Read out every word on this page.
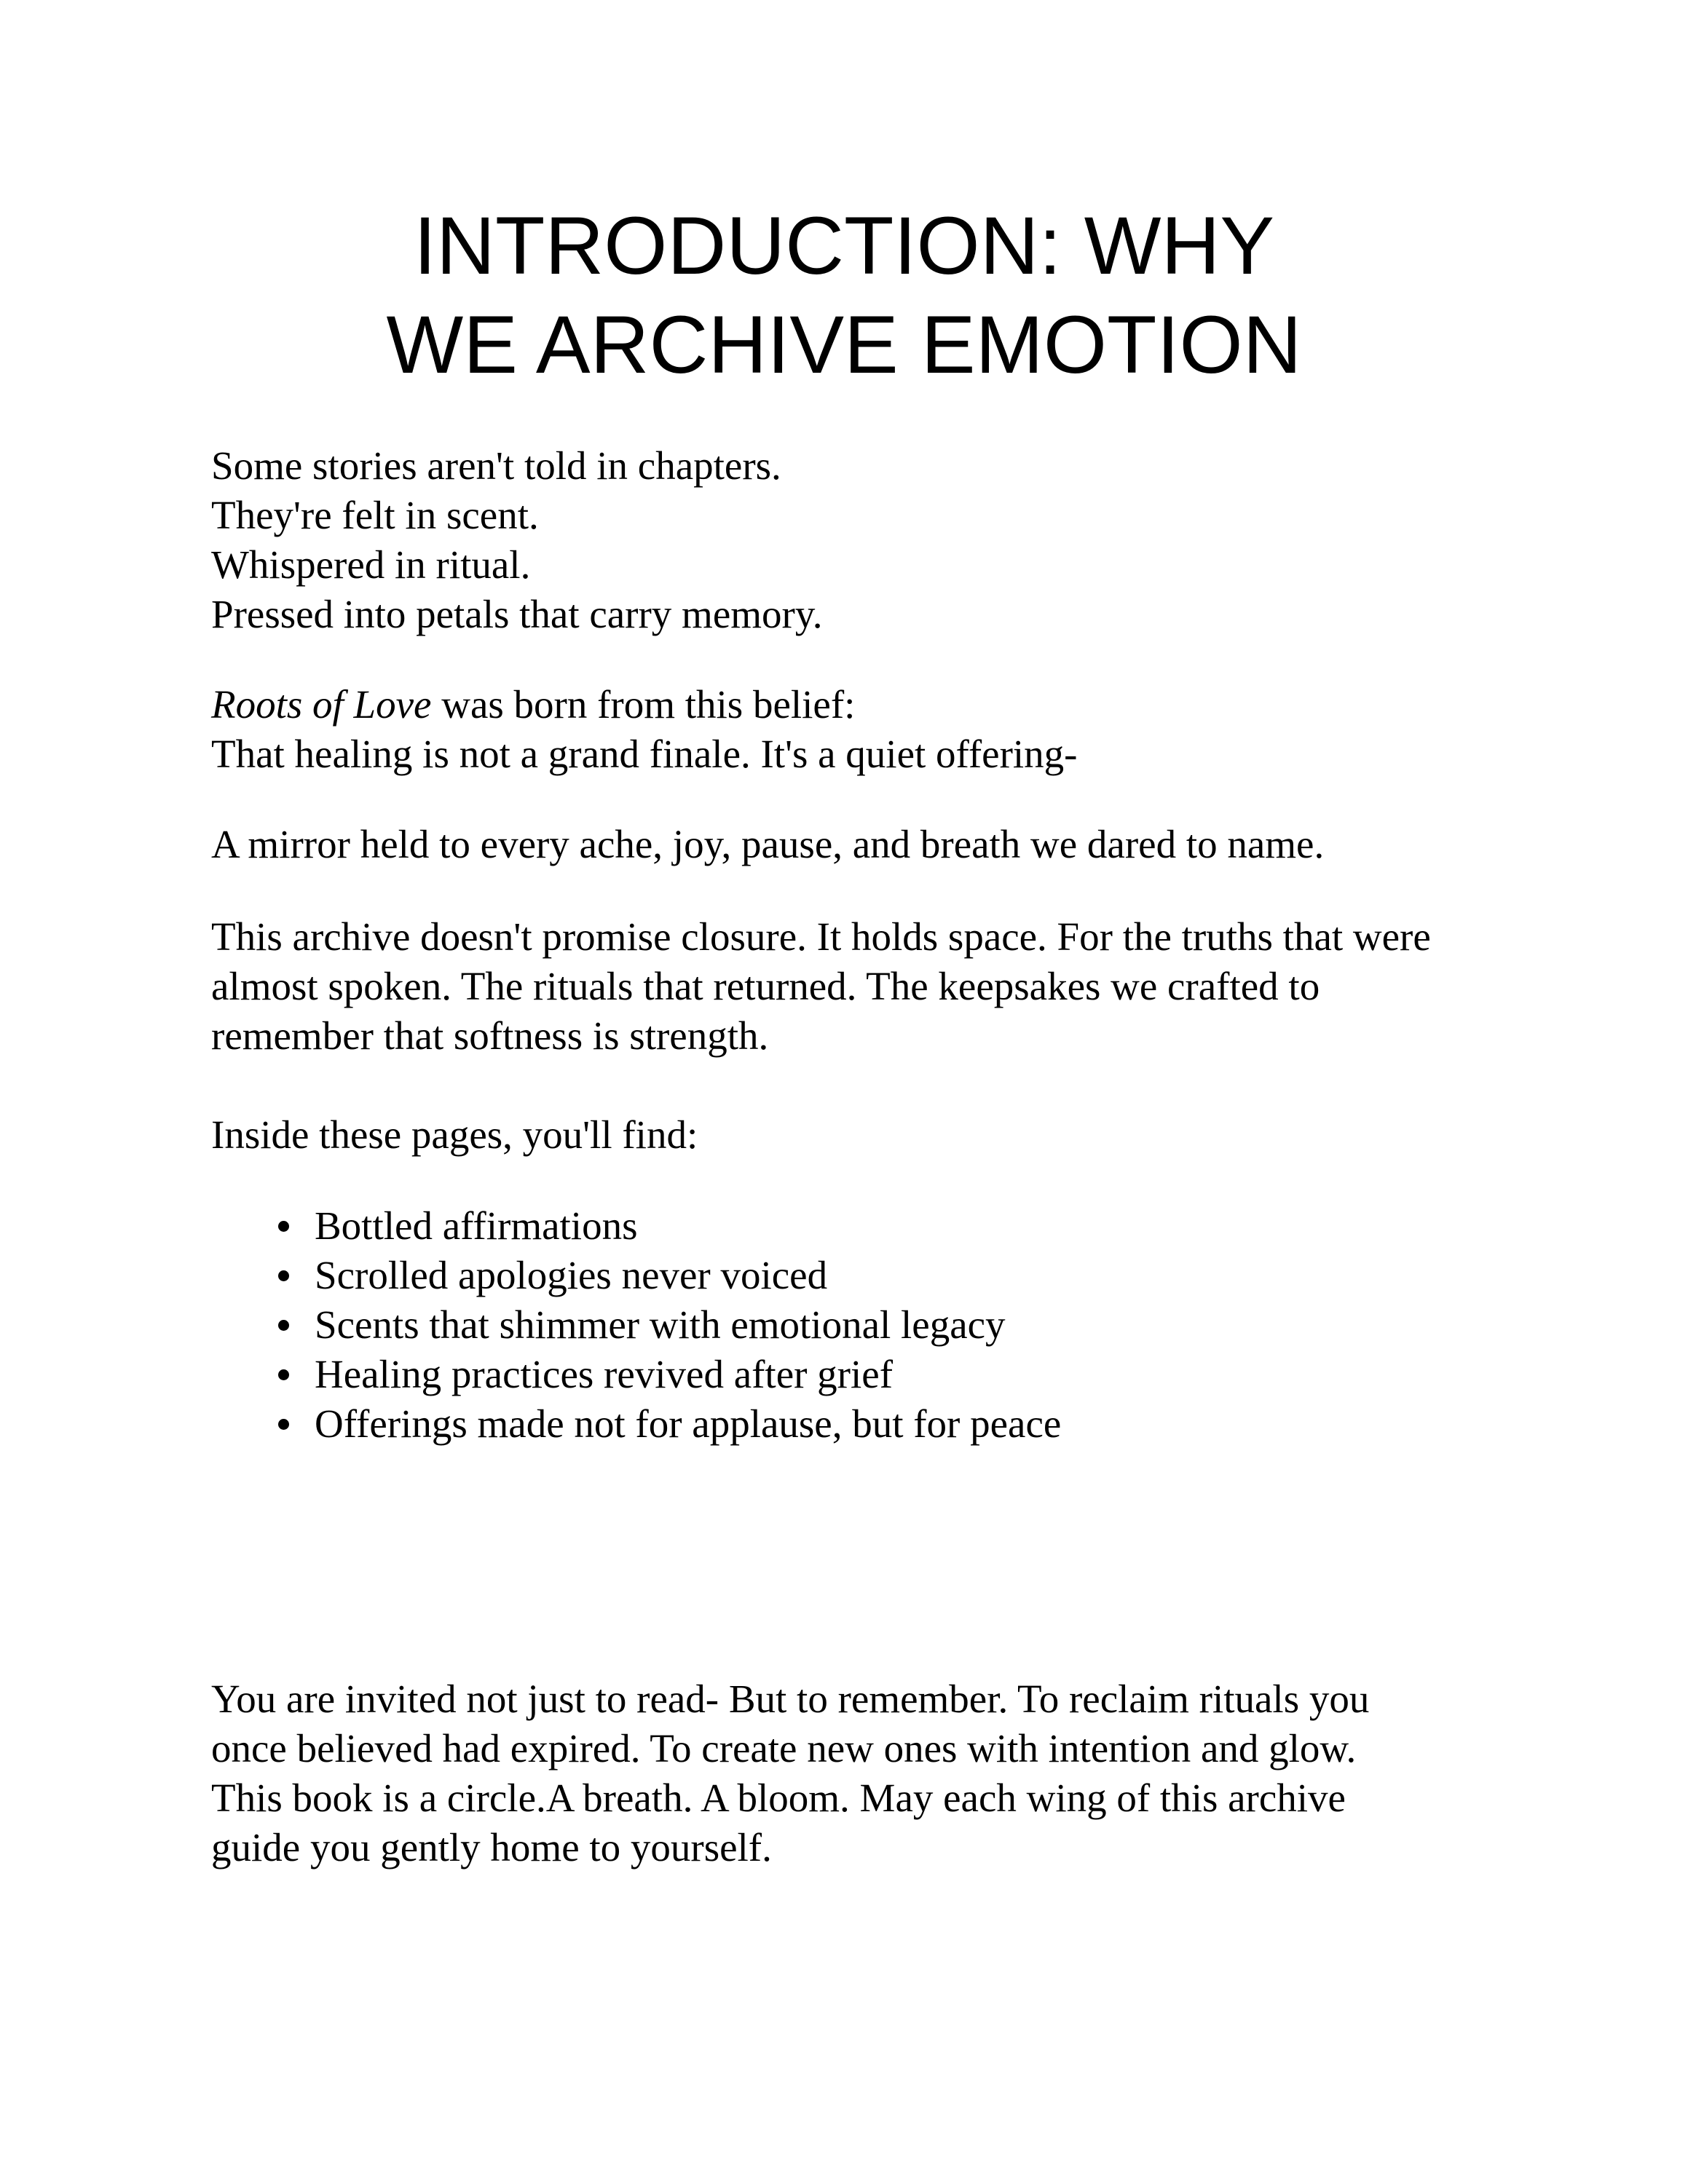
INTRODUCTION: WHY
WE ARCHIVE EMOTION

Some stories aren't told in chapters.
They're felt in scent.
Whispered in ritual.
Pressed into petals that carry memory.

Roots of Love was born from this belief:
That healing is not a grand finale. It's a quiet offering-

A mirror held to every ache, joy, pause, and breath we dared to name.

This archive doesn't promise closure. It holds space. For the truths that were
almost spoken. The rituals that returned. The keepsakes we crafted to
remember that softness is strength.

Inside these pages, you'll find:

Bottled affirmations
Scrolled apologies never voiced
Scents that shimmer with emotional legacy
Healing practices revived after grief
Offerings made not for applause, but for peace

You are invited not just to read- But to remember. To reclaim rituals you
once believed had expired. To create new ones with intention and glow.
This book is a circle.A breath. A bloom. May each wing of this archive
guide you gently home to yourself.
